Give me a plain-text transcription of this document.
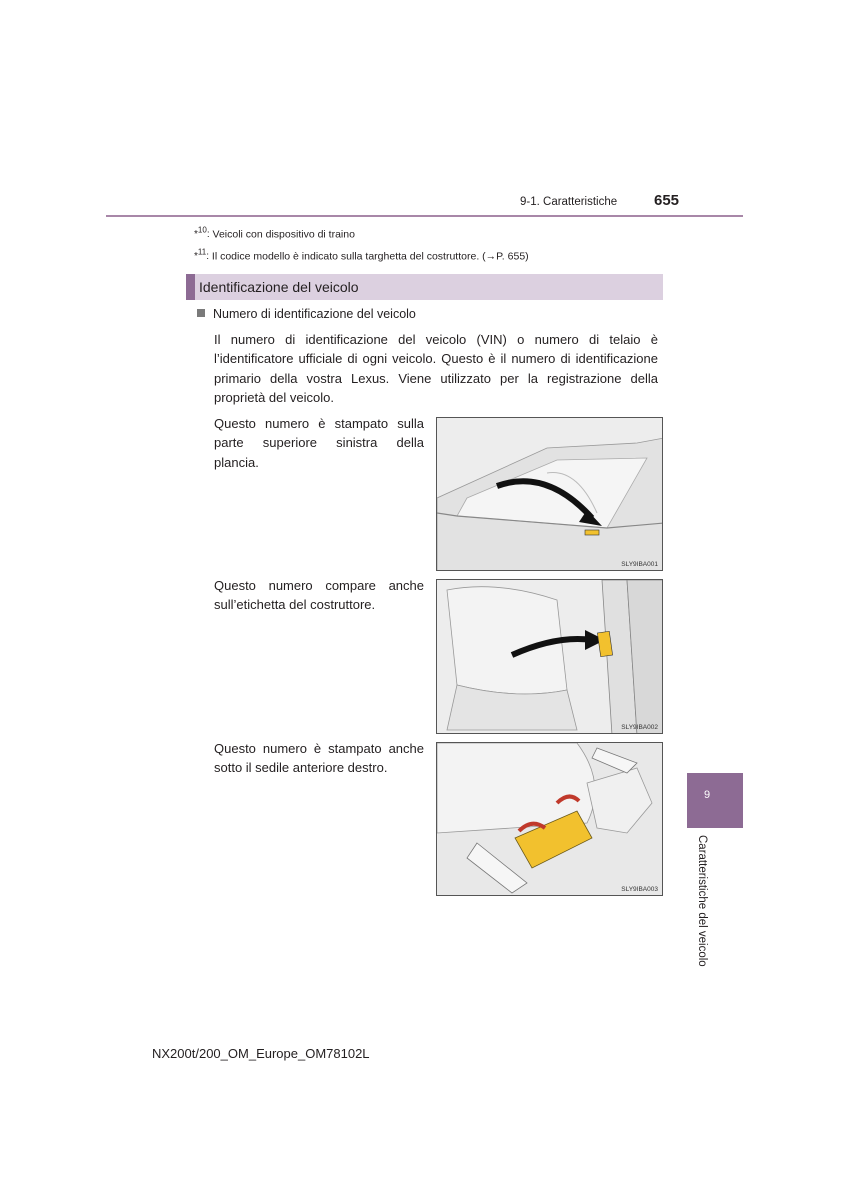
9-1. Caratteristiche 655
*$^{10}$: Veicoli con dispositivo di traino
*$^{11}$: Il codice modello è indicato sulla targhetta del costruttore. (→P. 655)
Identificazione del veicolo
Numero di identificazione del veicolo
Il numero di identificazione del veicolo (VIN) o numero di telaio è l’identificatore ufficiale di ogni veicolo. Questo è il numero di identificazione primario della vostra Lexus. Viene utilizzato per la registrazione della proprietà del veicolo.
Questo numero è stampato sulla parte superiore sinistra della plancia.
SLY9IBA001
Questo numero compare anche sull’etichetta del costruttore.
SLY9IBA002
Questo numero è stampato anche sotto il sedile anteriore destro.
SLY9IBA003
9
Caratteristiche del veicolo
NX200t/200_OM_Europe_OM78102L
